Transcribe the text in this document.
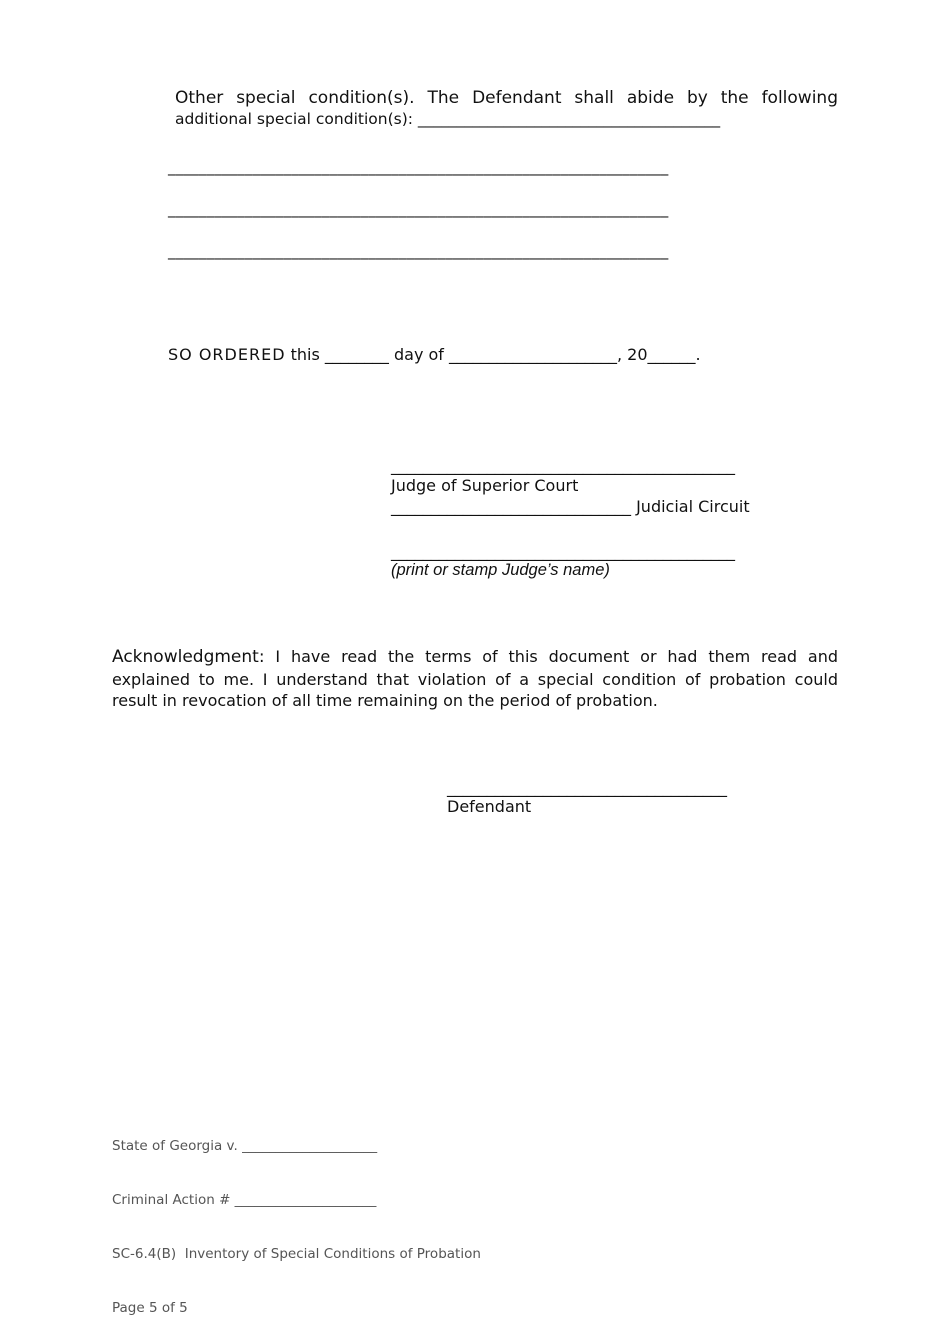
Other special condition(s). The Defendant shall abide by the following
additional special condition(s): _______________________________________
_________________________________________________________________
_________________________________________________________________
_________________________________________________________________
SO ORDERED this ________ day of _____________________, 20______.
___________________________________________
Judge of Superior Court
______________________________ Judicial Circuit
___________________________________________
(print or stamp Judge’s name)
Acknowledgment: I have read the terms of this document or had them read and explained to me. I understand that violation of a special condition of probation could result in revocation of all time remaining on the period of probation.
___________________________________
Defendant

State of Georgia v. ____________________

Criminal Action # _____________________

SC-6.4(B)  Inventory of Special Conditions of Probation

Page 5 of 5
